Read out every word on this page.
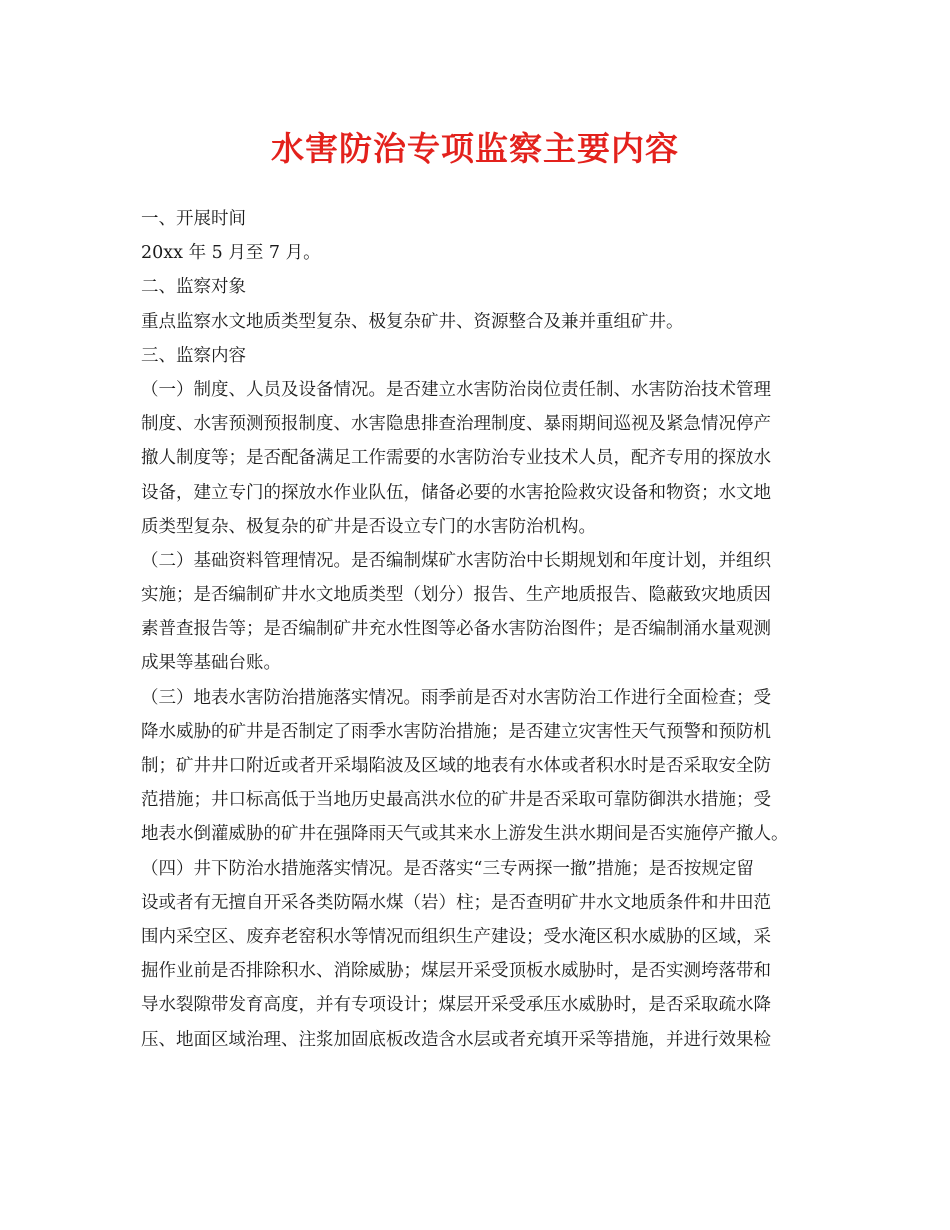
水害防治专项监察主要内容

一、开展时间

20xx 年 5 月至 7 月。

二、监察对象

重点监察水文地质类型复杂、极复杂矿井、资源整合及兼并重组矿井。

三、监察内容

（一）制度、人员及设备情况。是否建立水害防治岗位责任制、水害防治技术管理

制度、水害预测预报制度、水害隐患排查治理制度、暴雨期间巡视及紧急情况停产

撤人制度等；是否配备满足工作需要的水害防治专业技术人员，配齐专用的探放水

设备，建立专门的探放水作业队伍，储备必要的水害抢险救灾设备和物资；水文地

质类型复杂、极复杂的矿井是否设立专门的水害防治机构。

（二）基础资料管理情况。是否编制煤矿水害防治中长期规划和年度计划，并组织

实施；是否编制矿井水文地质类型（划分）报告、生产地质报告、隐蔽致灾地质因

素普查报告等；是否编制矿井充水性图等必备水害防治图件；是否编制涌水量观测

成果等基础台账。

（三）地表水害防治措施落实情况。雨季前是否对水害防治工作进行全面检查；受

降水威胁的矿井是否制定了雨季水害防治措施；是否建立灾害性天气预警和预防机

制；矿井井口附近或者开采塌陷波及区域的地表有水体或者积水时是否采取安全防

范措施；井口标高低于当地历史最高洪水位的矿井是否采取可靠防御洪水措施；受

地表水倒灌威胁的矿井在强降雨天气或其来水上游发生洪水期间是否实施停产撤人。

（四）井下防治水措施落实情况。是否落实“三专两探一撤”措施；是否按规定留

设或者有无擅自开采各类防隔水煤（岩）柱；是否查明矿井水文地质条件和井田范

围内采空区、废弃老窑积水等情况而组织生产建设；受水淹区积水威胁的区域，采

掘作业前是否排除积水、消除威胁；煤层开采受顶板水威胁时，是否实测垮落带和

导水裂隙带发育高度，并有专项设计；煤层开采受承压水威胁时，是否采取疏水降

压、地面区域治理、注浆加固底板改造含水层或者充填开采等措施，并进行效果检
